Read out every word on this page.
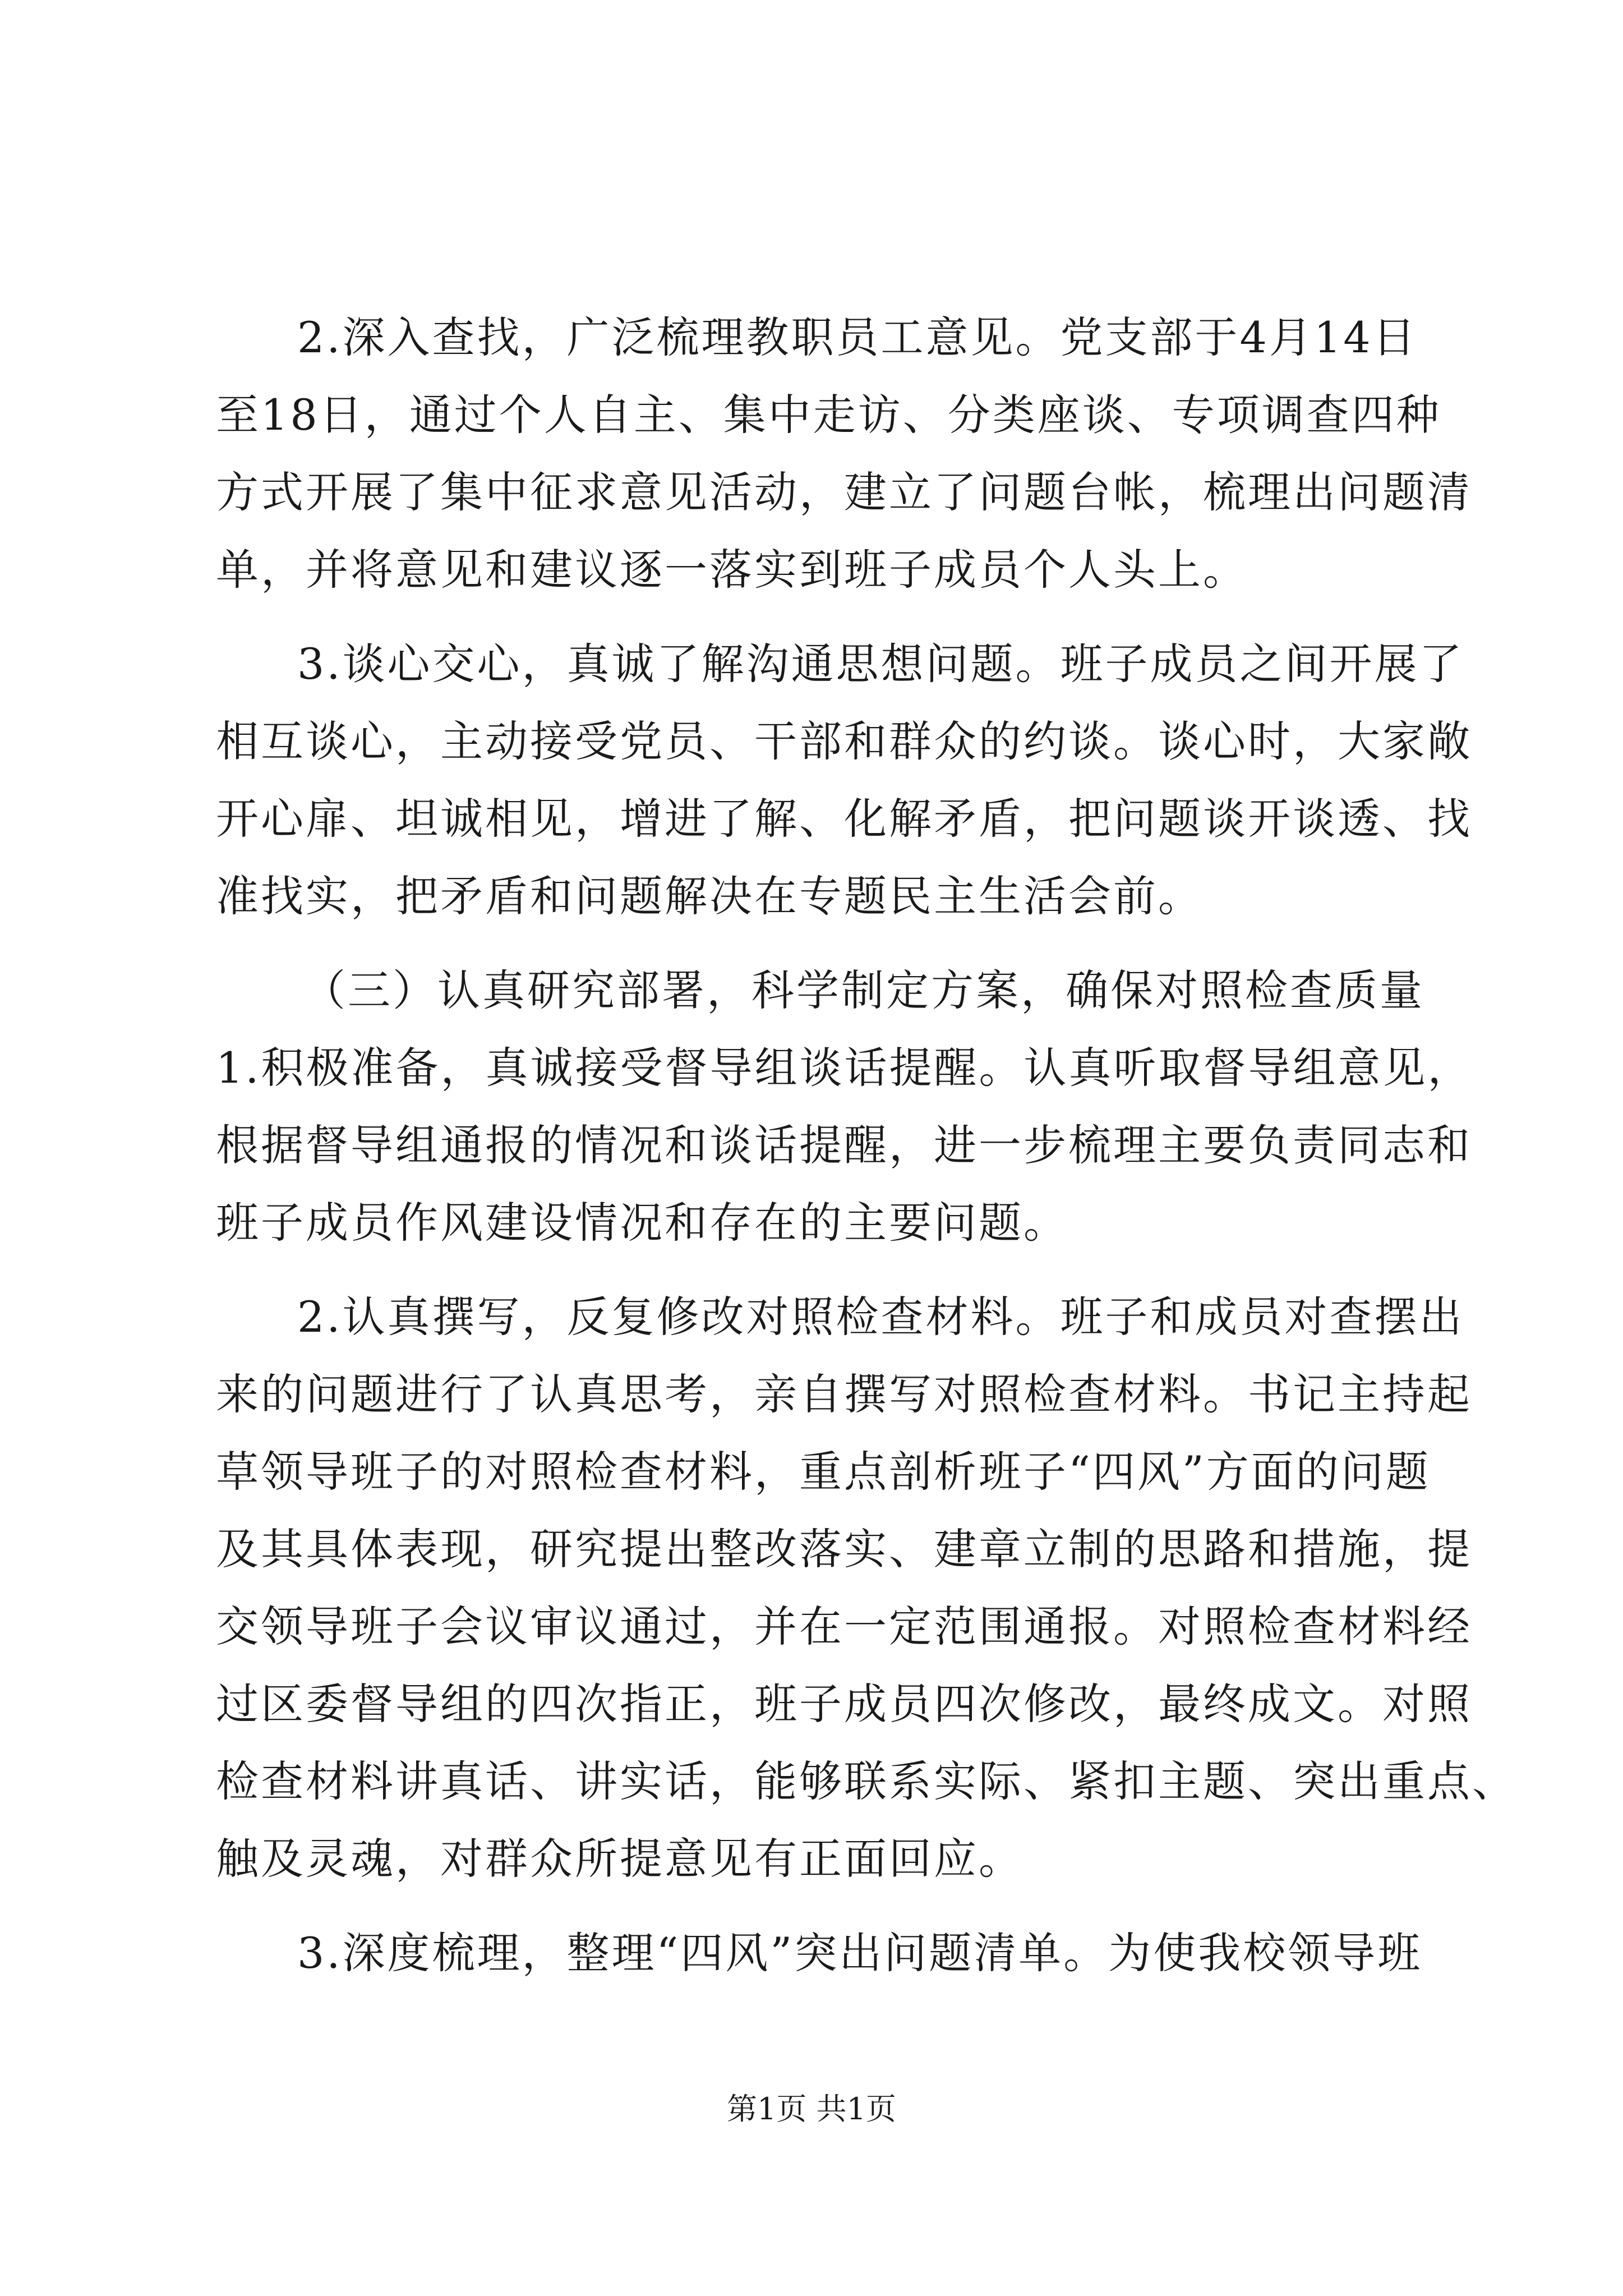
2.深入查找，广泛梳理教职员工意见。党支部于4月14日
至18日，通过个人自主、集中走访、分类座谈、专项调查四种
方式开展了集中征求意见活动，建立了问题台帐，梳理出问题清
单，并将意见和建议逐一落实到班子成员个人头上。
3.谈心交心，真诚了解沟通思想问题。班子成员之间开展了
相互谈心，主动接受党员、干部和群众的约谈。谈心时，大家敞
开心扉、坦诚相见，增进了解、化解矛盾，把问题谈开谈透、找
准找实，把矛盾和问题解决在专题民主生活会前。
（三）认真研究部署，科学制定方案，确保对照检查质量
1.积极准备，真诚接受督导组谈话提醒。认真听取督导组意见，
根据督导组通报的情况和谈话提醒，进一步梳理主要负责同志和
班子成员作风建设情况和存在的主要问题。
2.认真撰写，反复修改对照检查材料。班子和成员对查摆出
来的问题进行了认真思考，亲自撰写对照检查材料。书记主持起
草领导班子的对照检查材料，重点剖析班子“四风”方面的问题
及其具体表现，研究提出整改落实、建章立制的思路和措施，提
交领导班子会议审议通过，并在一定范围通报。对照检查材料经
过区委督导组的四次指正，班子成员四次修改，最终成文。对照
检查材料讲真话、讲实话，能够联系实际、紧扣主题、突出重点、
触及灵魂，对群众所提意见有正面回应。
3.深度梳理，整理“四风”突出问题清单。为使我校领导班
第1页 共1页
